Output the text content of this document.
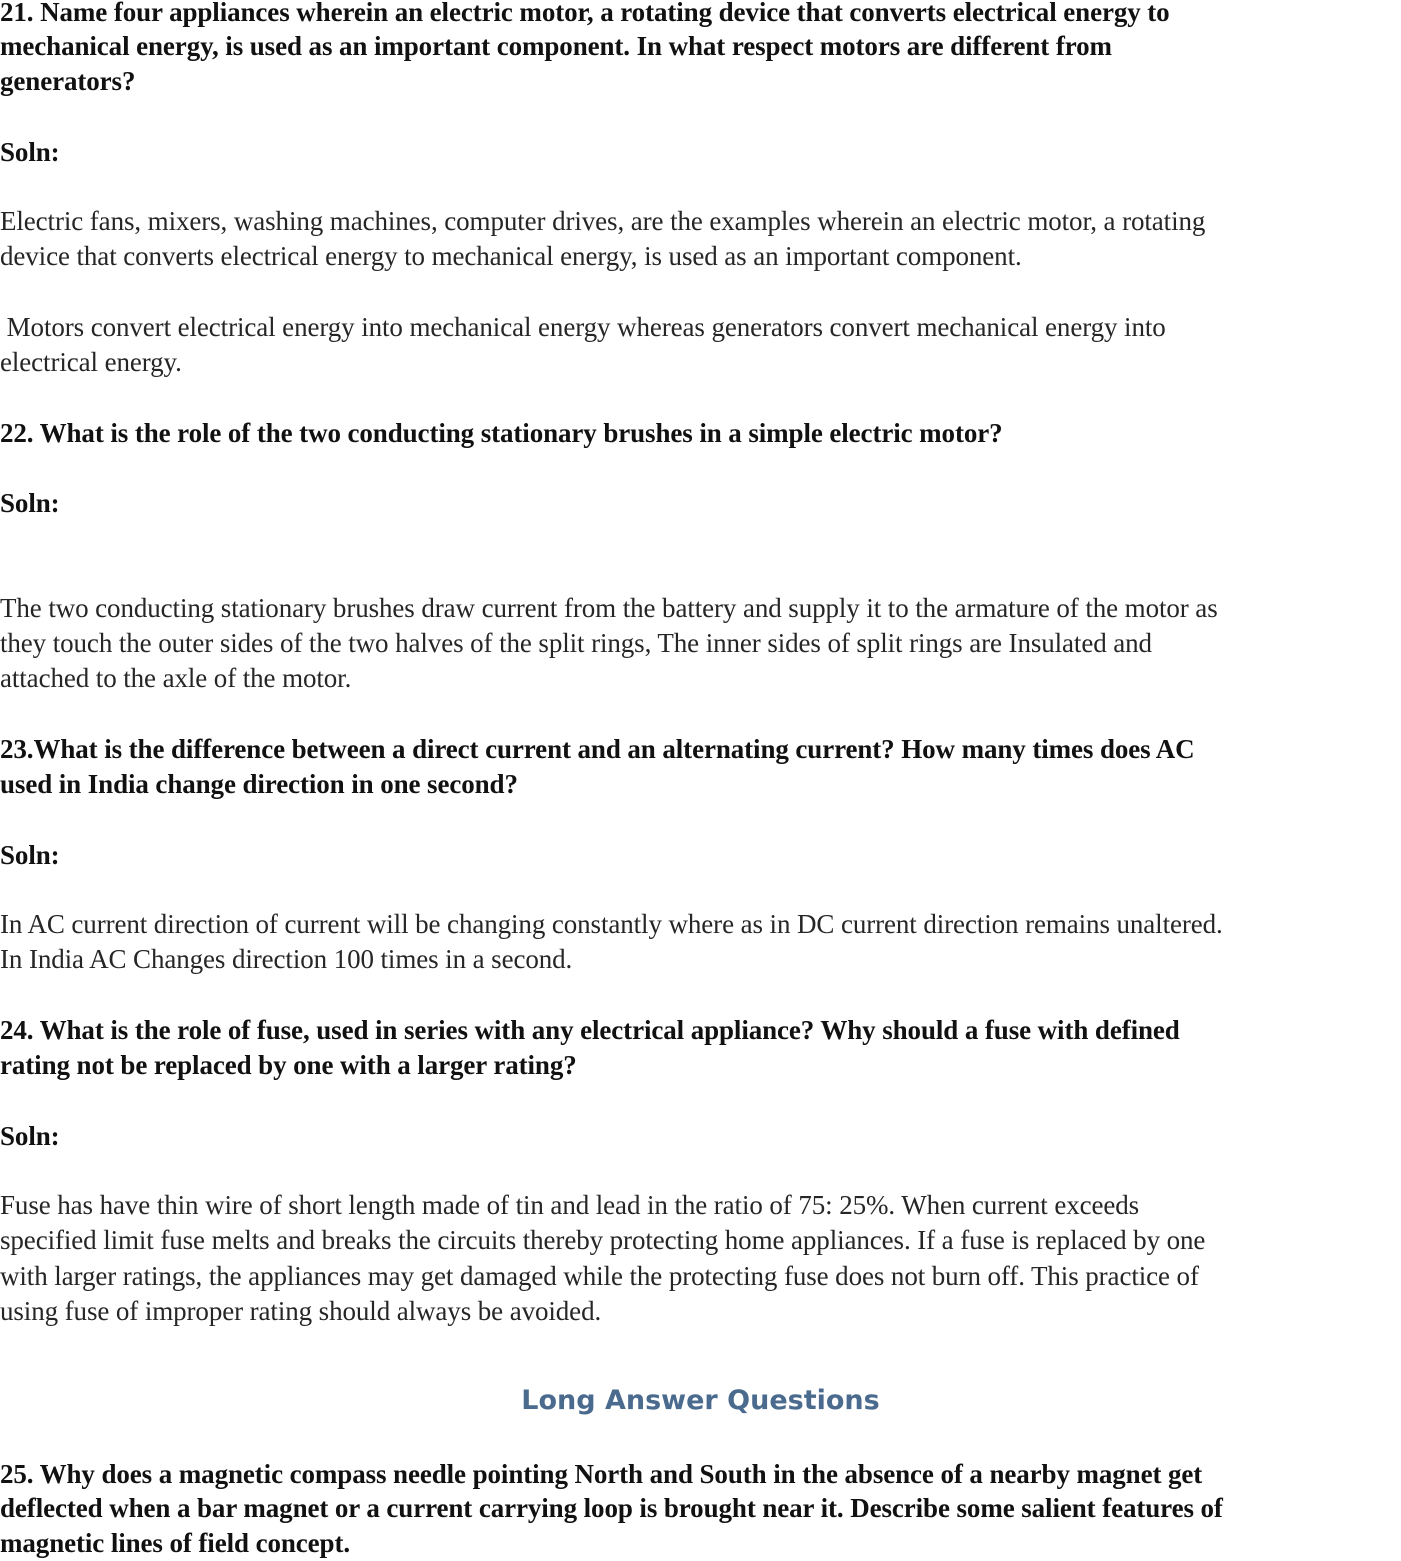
21. Name four appliances wherein an electric motor, a rotating device that converts electrical energy to
mechanical energy, is used as an important component. In what respect motors are different from
generators?
Soln:
Electric fans, mixers, washing machines, computer drives, are the examples wherein an electric motor, a rotating
device that converts electrical energy to mechanical energy, is used as an important component.
Motors convert electrical energy into mechanical energy whereas generators convert mechanical energy into
electrical energy.
22. What is the role of the two conducting stationary brushes in a simple electric motor?
Soln:
The two conducting stationary brushes draw current from the battery and supply it to the armature of the motor as
they touch the outer sides of the two halves of the split rings, The inner sides of split rings are Insulated and
attached to the axle of the motor.
23.What is the difference between a direct current and an alternating current? How many times does AC
used in India change direction in one second?
Soln:
In AC current direction of current will be changing constantly where as in DC current direction remains unaltered.
In India AC Changes direction 100 times in a second.
24. What is the role of fuse, used in series with any electrical appliance? Why should a fuse with defined
rating not be replaced by one with a larger rating?
Soln:
Fuse has have thin wire of short length made of tin and lead in the ratio of 75: 25%. When current exceeds
specified limit fuse melts and breaks the circuits thereby protecting home appliances. If a fuse is replaced by one
with larger ratings, the appliances may get damaged while the protecting fuse does not burn off. This practice of
using fuse of improper rating should always be avoided.
Long Answer Questions
25. Why does a magnetic compass needle pointing North and South in the absence of a nearby magnet get
deflected when a bar magnet or a current carrying loop is brought near it. Describe some salient features of
magnetic lines of field concept.
